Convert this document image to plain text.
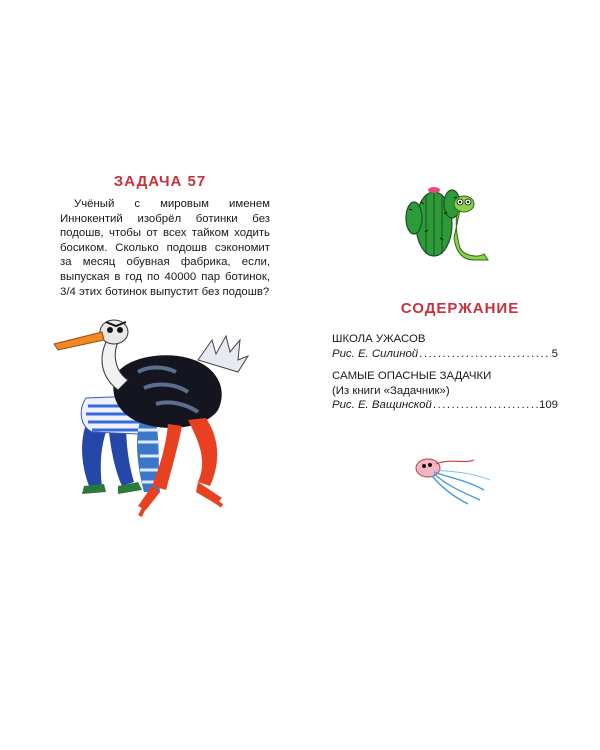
ЗАДАЧА 57

Учёный с мировым именем Иннокентий изобрёл ботинки без подошв, чтобы от всех тайком ходить босиком. Сколько подошв сэкономит за месяц обувная фабрика, если, выпуская в год по 40000 пар ботинок, 3/4 этих ботинок выпустит без подошв?

СОДЕРЖАНИЕ
ШКОЛА УЖАСОВ
Рис. Е. Силиной .....	5
САМЫЕ ОПАСНЫЕ ЗАДАЧКИ
(Из книги «Задачник»)
Рис. Е. Ващинской .....	109
